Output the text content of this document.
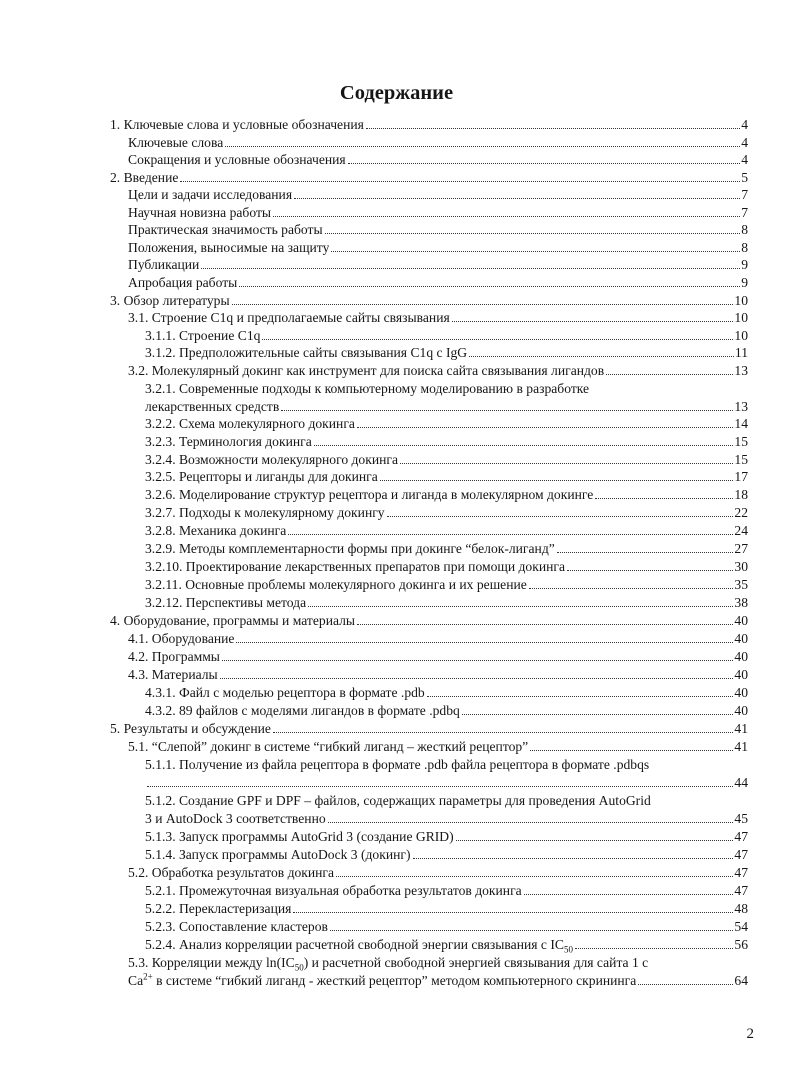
Содержание
1. Ключевые слова и условные обозначения	4
Ключевые слова	4
Сокращения и условные обозначения	4
2. Введение	5
Цели и задачи исследования	7
Научная новизна работы	7
Практическая значимость работы	8
Положения, выносимые на защиту	8
Публикации	9
Апробация работы	9
3. Обзор литературы	10
3.1. Строение C1q и предполагаемые сайты связывания	10
3.1.1. Строение C1q	10
3.1.2. Предположительные сайты связывания C1q с IgG	11
3.2. Молекулярный докинг как инструмент для поиска сайта связывания лигандов	13
3.2.1. Современные подходы к компьютерному моделированию в разработке
лекарственных средств	13
3.2.2. Схема молекулярного докинга	14
3.2.3. Терминология докинга	15
3.2.4. Возможности молекулярного докинга	15
3.2.5. Рецепторы и лиганды для докинга	17
3.2.6. Моделирование структур рецептора и лиганда в молекулярном докинге	18
3.2.7. Подходы к молекулярному докингу	22
3.2.8. Механика докинга	24
3.2.9. Методы комплементарности формы при докинге “белок-лиганд”	27
3.2.10. Проектирование лекарственных препаратов при помощи докинга	30
3.2.11. Основные проблемы молекулярного докинга и их решение	35
3.2.12. Перспективы метода	38
4. Оборудование, программы и материалы	40
4.1. Оборудование	40
4.2. Программы	40
4.3. Материалы	40
4.3.1. Файл с моделью рецептора в формате .pdb	40
4.3.2. 89 файлов с моделями лигандов в формате .pdbq	40
5. Результаты и обсуждение	41
5.1. “Слепой” докинг в системе “гибкий лиганд – жесткий рецептор”	41
5.1.1. Получение из файла рецептора в формате .pdb файла рецептора в формате .pdbqs
44
5.1.2. Создание GPF и DPF – файлов, содержащих параметры для проведения AutoGrid
3 и AutoDock 3 соответственно	45
5.1.3. Запуск программы AutoGrid 3 (создание GRID)	47
5.1.4. Запуск программы AutoDock 3 (докинг)	47
5.2. Обработка результатов докинга	47
5.2.1. Промежуточная визуальная обработка результатов докинга	47
5.2.2. Перекластеризация	48
5.2.3. Сопоставление кластеров	54
5.2.4. Анализ корреляции расчетной свободной энергии связывания с $IC_{50}$	56
5.3. Корреляции между $\ln(IC_{50})$ и расчетной свободной энергией связывания для сайта 1 с
$Ca^{2+}$ в системе “гибкий лиганд - жесткий рецептор” методом компьютерного скрининга	64
2
